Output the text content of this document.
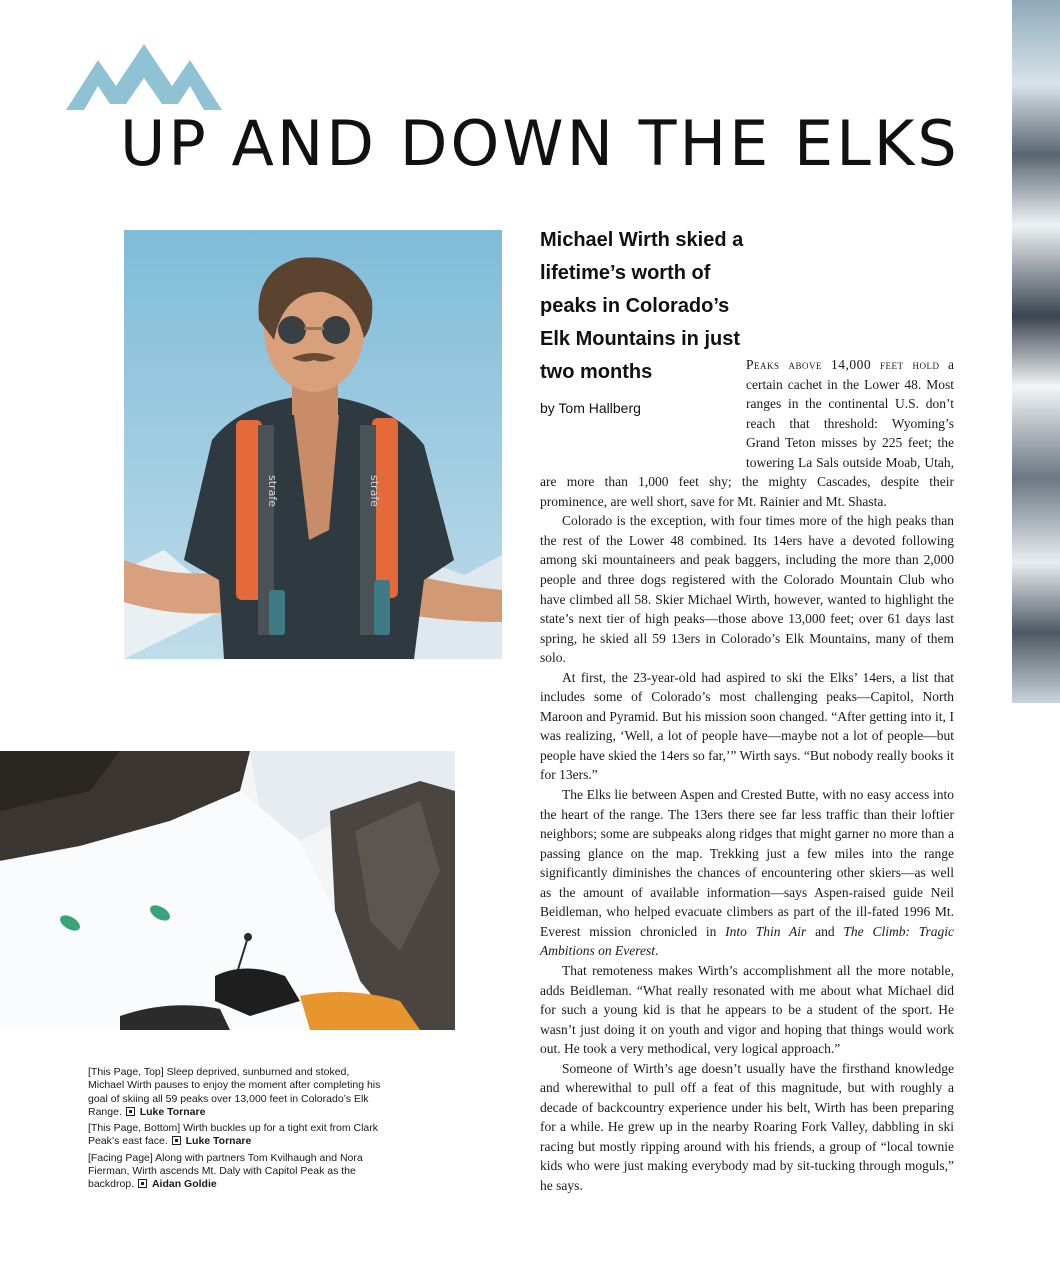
UP AND DOWN THE ELKS
strafe	strafe
Michael Wirth skied a lifetime’s worth of peaks in Colorado’s Elk Mountains in just two months
by Tom Hallberg

Peaks above 14,000 feet hold a certain cachet in the Lower 48. Most ranges in the continental U.S. don’t reach that threshold: Wyoming’s Grand Teton misses by 225 feet; the towering La Sals outside Moab, Utah, are more than 1,000 feet shy; the mighty Cascades, despite their prominence, are well short, save for Mt. Rainier and Mt. Shasta.

Colorado is the exception, with four times more of the high peaks than the rest of the Lower 48 combined. Its 14ers have a devoted following among ski mountaineers and peak baggers, including the more than 2,000 people and three dogs registered with the Colorado Mountain Club who have climbed all 58. Skier Michael Wirth, however, wanted to highlight the state’s next tier of high peaks—those above 13,000 feet; over 61 days last spring, he skied all 59 13ers in Colorado’s Elk Mountains, many of them solo.

At first, the 23-year-old had aspired to ski the Elks’ 14ers, a list that includes some of Colorado’s most challenging peaks—Capitol, North Maroon and Pyramid. But his mission soon changed. “After getting into it, I was realizing, ‘Well, a lot of people have—maybe not a lot of people—but people have skied the 14ers so far,’” Wirth says. “But nobody really books it for 13ers.”

The Elks lie between Aspen and Crested Butte, with no easy access into the heart of the range. The 13ers there see far less traffic than their loftier neighbors; some are subpeaks along ridges that might garner no more than a passing glance on the map. Trekking just a few miles into the range significantly diminishes the chances of encountering other skiers—as well as the amount of available information—says Aspen-raised guide Neil Beidleman, who helped evacuate climbers as part of the ill-fated 1996 Mt. Everest mission chronicled in Into Thin Air and The Climb: Tragic Ambitions on Everest.

That remoteness makes Wirth’s accomplishment all the more notable, adds Beidleman. “What really resonated with me about what Michael did for such a young kid is that he appears to be a student of the sport. He wasn’t just doing it on youth and vigor and hoping that things would work out. He took a very methodical, very logical approach.”

Someone of Wirth’s age doesn’t usually have the firsthand knowledge and wherewithal to pull off a feat of this magnitude, but with roughly a decade of backcountry experience under his belt, Wirth has been preparing for a while. He grew up in the nearby Roaring Fork Valley, dabbling in ski racing but mostly ripping around with his friends, a group of “local townie kids who were just making everybody mad by sit-tucking through moguls,” he says.

[This Page, Top] Sleep deprived, sunburned and stoked, Michael Wirth pauses to enjoy the moment after completing his goal of skiing all 59 peaks over 13,000 feet in Colorado’s Elk Range. Luke Tornare

[This Page, Bottom] Wirth buckles up for a tight exit from Clark Peak’s east face. Luke Tornare

[Facing Page] Along with partners Tom Kvilhaugh and Nora Fierman, Wirth ascends Mt. Daly with Capitol Peak as the backdrop. Aidan Goldie
